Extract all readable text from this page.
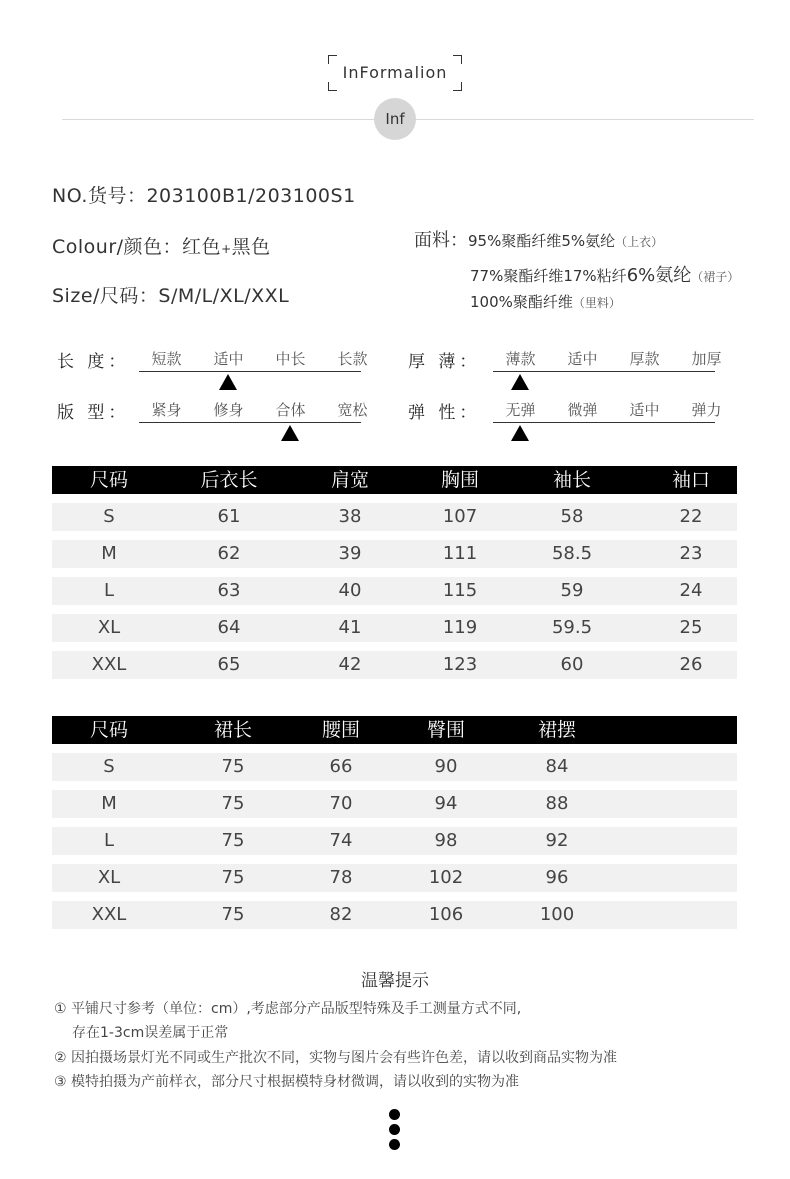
InFormalion
Inf
NO.货号：203100B1/203100S1
Colour/颜色：红色+黑色
Size/尺码：S/M/L/XL/XXL
面料：95%聚酯纤维5%氨纶（上衣）
77%聚酯纤维17%粘纤6%氨纶（裙子）
100%聚酯纤维（里料）
长 度：	短款	适中	中长	长款	厚 薄：	薄款	适中	厚款	加厚
版 型：	紧身	修身	合体	宽松	弹 性：	无弹	微弹	适中	弹力
尺码	后衣长	肩宽	胸围	袖长	袖口
S	61	38	107	58	22
M	62	39	111	58.5	23
L	63	40	115	59	24
XL	64	41	119	59.5	25
XXL	65	42	123	60	26
尺码	裙长	腰围	臀围	裙摆
S	75	66	90	84
M	75	70	94	88
L	75	74	98	92
XL	75	78	102	96
XXL	75	82	106	100
温馨提示
① 平铺尺寸参考（单位：cm）,考虑部分产品版型特殊及手工测量方式不同,
存在1-3cm误差属于正常
② 因拍摄场景灯光不同或生产批次不同，实物与图片会有些许色差，请以收到商品实物为准
③ 模特拍摄为产前样衣，部分尺寸根据模特身材微调，请以收到的实物为准
